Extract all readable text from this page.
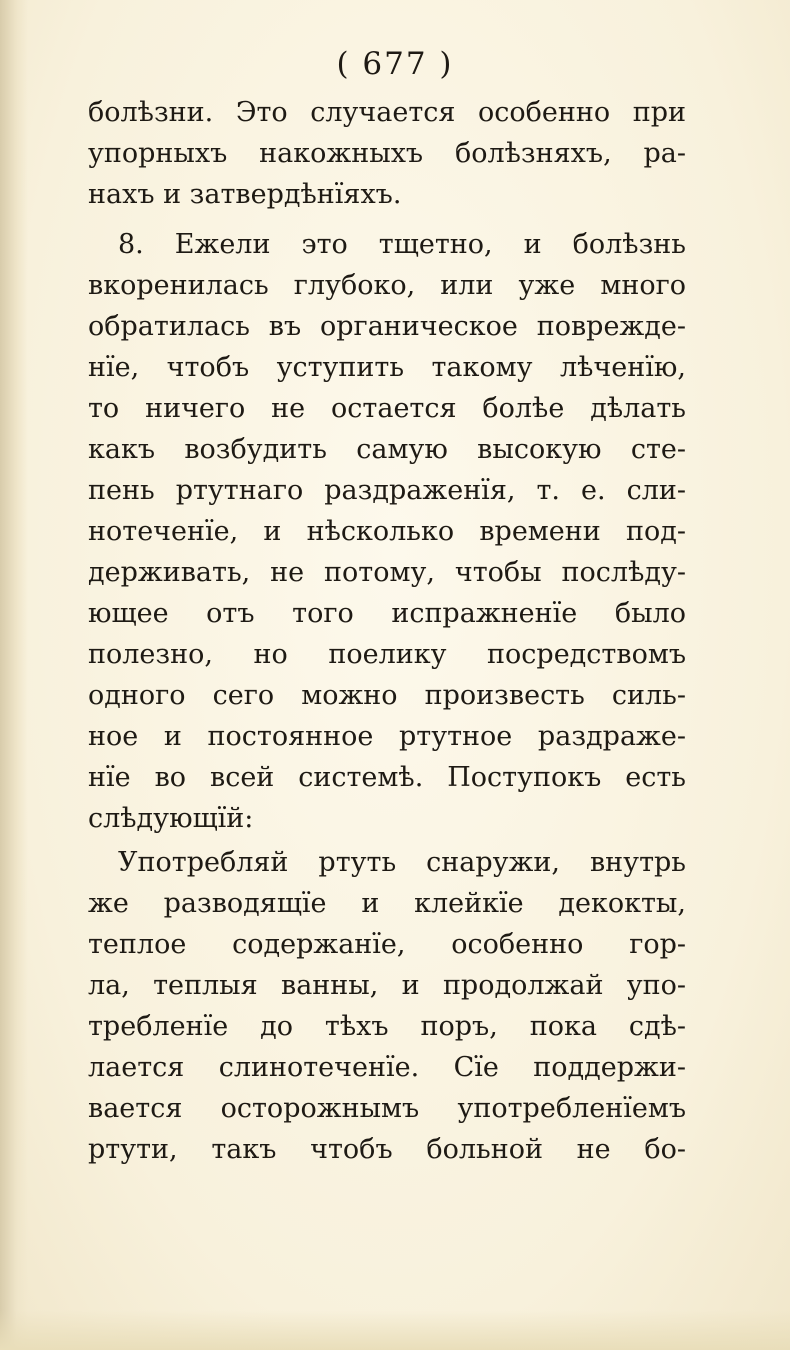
( 677 )
болѣзни. Это случается особенно при
упорныхъ накожныхъ болѣзняхъ, ра-
нахъ и затвердѣнїяхъ.
8. Ежели это тщетно, и болѣзнь
вкоренилась глубоко, или уже много
обратилась въ органическое поврежде-
нїе, чтобъ уступить такому лѣченїю,
то ничего не остается болѣе дѣлать
какъ возбудить самую высокую сте-
пень ртутнаго раздраженїя, т. е. сли-
нотеченїе, и нѣсколько времени под-
держивать, не потому, чтобы послѣду-
ющее отъ того испражненїе было
полезно, но поелику посредствомъ
одного сего можно произвесть силь-
ное и постоянное ртутное раздраже-
нїе во всей системѣ. Поступокъ есть
слѣдующїй:
Употребляй ртуть снаружи, внутрь
же разводящїе и клейкїе декокты,
теплое содержанїе, особенно гор-
ла, теплыя ванны, и продолжай упо-
требленїе до тѣхъ поръ, пока сдѣ-
лается слинотеченїе. Сїе поддержи-
вается осторожнымъ употребленїемъ
ртути, такъ чтобъ больной не бо-
